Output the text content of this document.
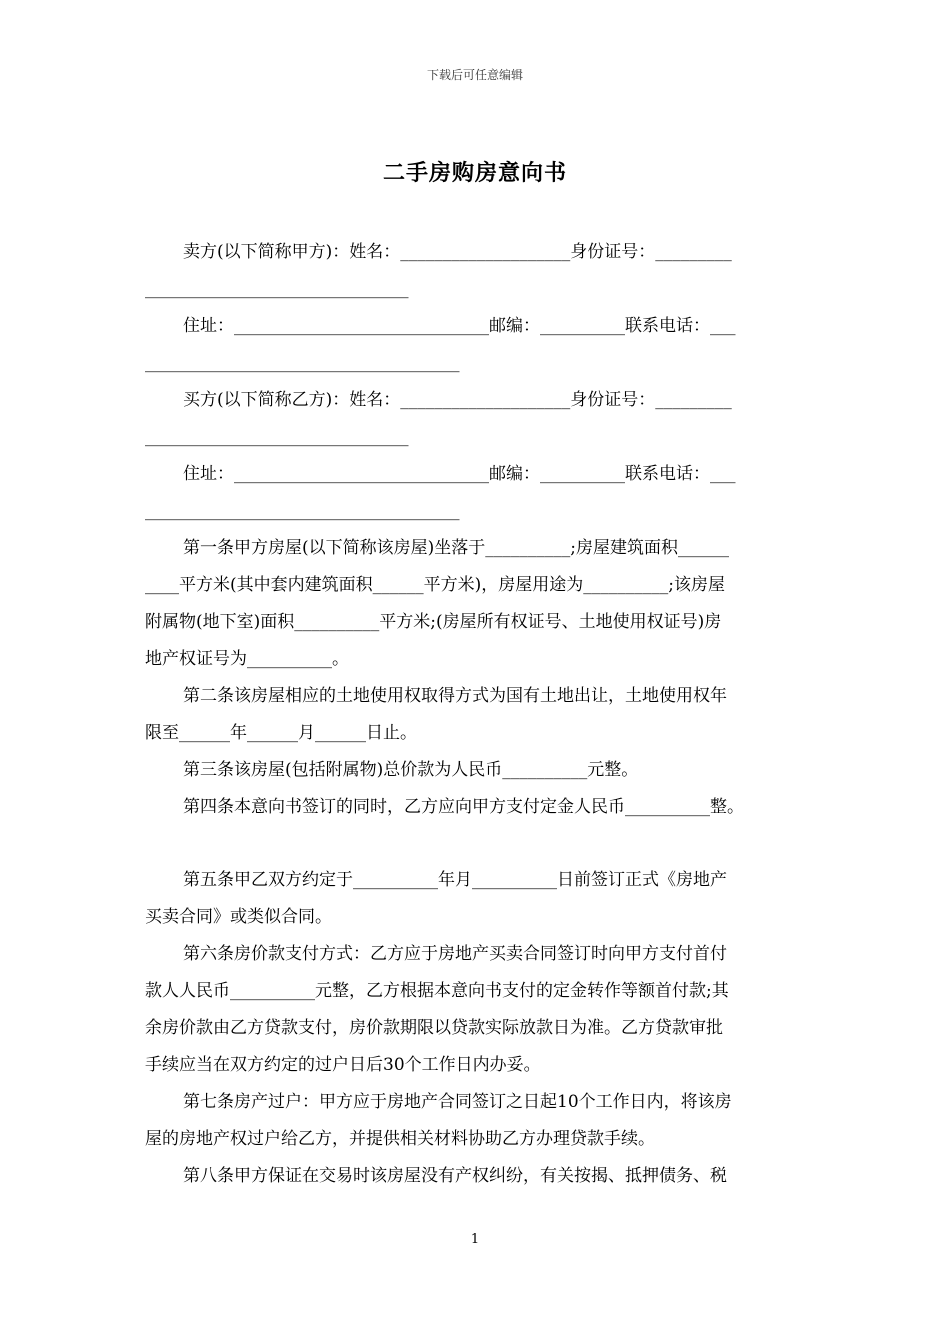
下载后可任意编辑
二手房购房意向书
卖方(以下简称甲方)：姓名：____________________身份证号：_________
_______________________________
住址：______________________________邮编：__________联系电话：___
_____________________________________
买方(以下简称乙方)：姓名：____________________身份证号：_________
_______________________________
住址：______________________________邮编：__________联系电话：___
_____________________________________
第一条甲方房屋(以下简称该房屋)坐落于__________;房屋建筑面积______
____平方米(其中套内建筑面积______平方米)，房屋用途为__________;该房屋
附属物(地下室)面积__________平方米;(房屋所有权证号、土地使用权证号)房
地产权证号为__________。
第二条该房屋相应的土地使用权取得方式为国有土地出让，土地使用权年
限至______年______月______日止。
第三条该房屋(包括附属物)总价款为人民币__________元整。
第四条本意向书签订的同时，乙方应向甲方支付定金人民币__________整。
第五条甲乙双方约定于__________年月__________日前签订正式《房地产
买卖合同》或类似合同。
第六条房价款支付方式：乙方应于房地产买卖合同签订时向甲方支付首付
款人人民币__________元整，乙方根据本意向书支付的定金转作等额首付款;其
余房价款由乙方贷款支付，房价款期限以贷款实际放款日为准。乙方贷款审批
手续应当在双方约定的过户日后30个工作日内办妥。
第七条房产过户：甲方应于房地产合同签订之日起10个工作日内，将该房
屋的房地产权过户给乙方，并提供相关材料协助乙方办理贷款手续。
第八条甲方保证在交易时该房屋没有产权纠纷，有关按揭、抵押债务、税
1
